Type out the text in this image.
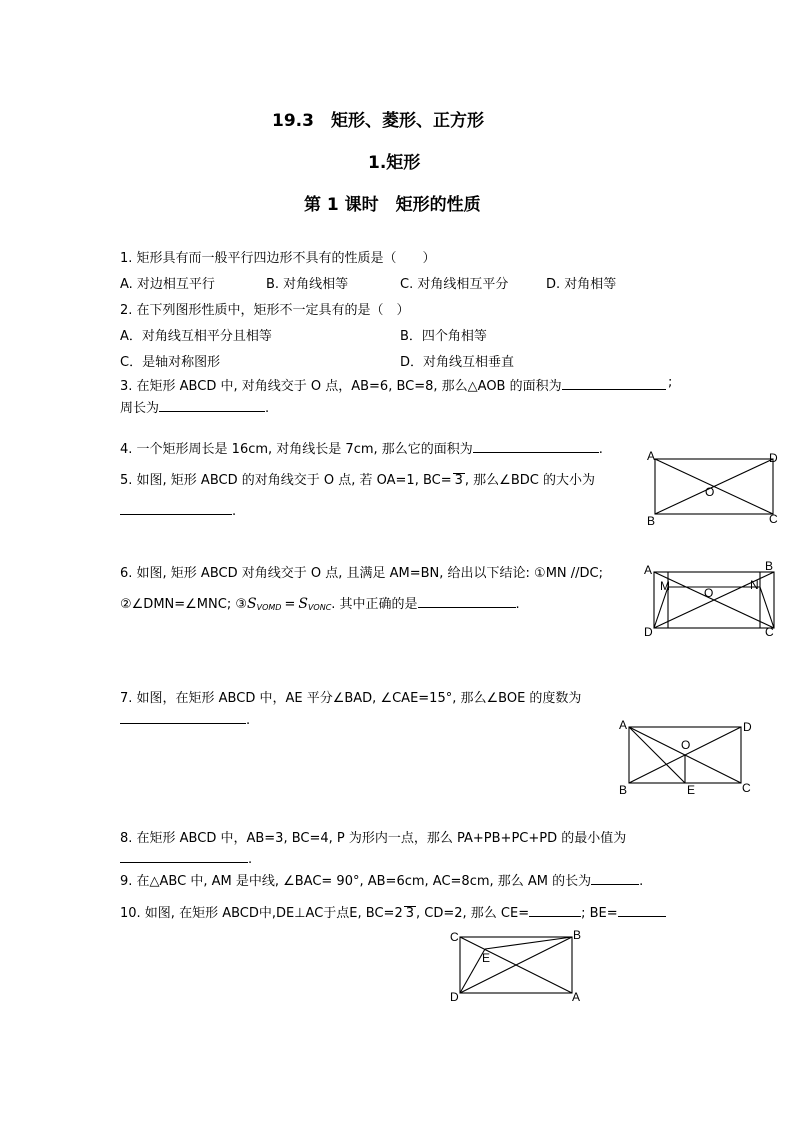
19.3　矩形、菱形、正方形
1.矩形
第 1 课时　矩形的性质
1. 矩形具有而一般平行四边形不具有的性质是（　　）
A. 对边相互平行	B. 对角线相等	C. 对角线相互平分	D. 对角相等
2. 在下列图形性质中，矩形不一定具有的是（　）
A．对角线互相平分且相等	B．四个角相等
C．是轴对称图形	D．对角线互相垂直
3. 在矩形 ABCD 中, 对角线交于 O 点，AB=6, BC=8, 那么△AOB 的面积为	;
周长为	.
4. 一个矩形周长是 16cm, 对角线长是 7cm, 那么它的面积为	.
5. 如图, 矩形 ABCD 的对角线交于 O 点, 若 OA=1, BC= 3 , 那么∠BDC 的大小为
.
A	D
B	C
O
6. 如图, 矩形 ABCD 对角线交于 O 点, 且满足 AM=BN, 给出以下结论: ①MN //DC;
②∠DMN=∠MNC; $③S_{VOMD} = S_{VONC}$. 其中正确的是	.
A	B
D	C
M	N
O
7. 如图，在矩形 ABCD 中，AE 平分∠BAD, ∠CAE=15°, 那么∠BOE 的度数为
.	A	D
B	C
E
O
8. 在矩形 ABCD 中，AB=3, BC=4, P 为形内一点，那么 PA+PB+PC+PD 的最小值为
.
9. 在△ABC 中, AM 是中线, ∠BAC= 90°, AB=6cm, AC=8cm, 那么 AM 的长为	.
10. 如图, 在矩形 ABCD中,DE⊥AC于点E, BC=2 3 , CD=2, 那么 CE=	; BE=
C	B
D	A
E
